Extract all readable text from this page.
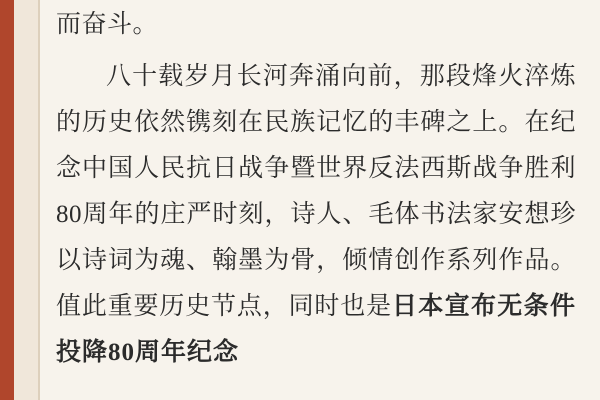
而奋斗。

八十载岁月长河奔涌向前，那段烽火淬炼的历史依然镌刻在民族记忆的丰碑之上。在纪念中国人民抗日战争暨世界反法西斯战争胜利80周年的庄严时刻，诗人、毛体书法家安想珍以诗词为魂、翰墨为骨，倾情创作系列作品。值此重要历史节点，同时也是日本宣布无条件投降80周年纪念
